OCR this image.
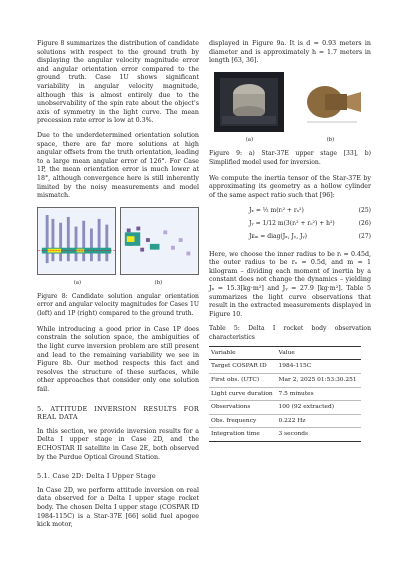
Figure 8 summarizes the distribution of candidate solutions with respect to the ground truth by displaying the angular velocity magnitude error and angular orientation error compared to the ground truth. Case 1U shows significant variability in angular velocity magnitude, although this is almost entirely due to the unobservability of the spin rate about the object's axis of symmetry in the light curve. The mean precession rate error is low at 0.3%.

Due to the underdetermined orientation solution space, there are far more solutions at high angular offsets from the truth orientation, leading to a large mean angular error of 126°. For Case 1P, the mean orientation error is much lower at 18°, although convergence here is still inherently limited by the noisy measurements and model mismatch.

(a)	(b)
Figure 8: Candidate solution angular orientation error and angular velocity magnitudes for Cases 1U (left) and 1P (right) compared to the ground truth.

While introducing a good prior in Case 1P does constrain the solution space, the ambiguities of the light curve inversion problem are still present and lead to the remaining variability we see in Figure 8b. Our method respects this fact and resolves the structure of these surfaces, while other approaches that consider only one solution fail.

5. ATTITUDE INVERSION RESULTS FOR REAL DATA

In this section, we provide inversion results for a Delta I upper stage in Case 2D, and the ECHOSTAR II satellite in Case 2E, both observed by the Purdue Optical Ground Station.

5.1. Case 2D: Delta I Upper Stage

In Case 2D, we perform attitude inversion on real data observed for a Delta I upper stage rocket body. The chosen Delta I upper stage (COSPAR ID 1984-115C) is a Star-37E [66] solid fuel apogee kick motor,

displayed in Figure 9a. It is d = 0.93 meters in diameter and is approximately h = 1.7 meters in length [63, 36].

(a)	(b)
Figure 9: a) Star-37E upper stage [33], b) Simplified model used for inversion.

We compute the inertia tensor of the Star-37E by approximating its geometry as a hollow cylinder of the same aspect ratio such that [96]:

Jₓ = ½ m(rᵢ² + rₒ²)	(25)
Jᵧ = 1/12 m(3(rᵢ² + rₒ²) + h²)	(26)
Jᴇₘ = diag(Jₓ, Jᵧ, Jᵧ)	(27)

Here, we choose the inner radius to be rᵢ = 0.45d, the outer radius to be rₒ = 0.5d, and m = 1 kilogram – dividing each moment of inertia by a constant does not change the dynamics – yielding Jₓ = 15.3[kg·m²] and Jᵧ = 27.9 [kg·m²]. Table 5 summarizes the light curve observations that result in the extracted measurements displayed in Figure 10.

Table 5: Delta I rocket body observation characteristics
Variable	Value
Target COSPAR ID	1984-115C
First obs. (UTC)	Mar 2, 2025 01:53:30.251
Light curve duration	7.5 minutes
Observations	100 (92 extracted)
Obs. frequency	0.222 Hz
Integration time	3 seconds
